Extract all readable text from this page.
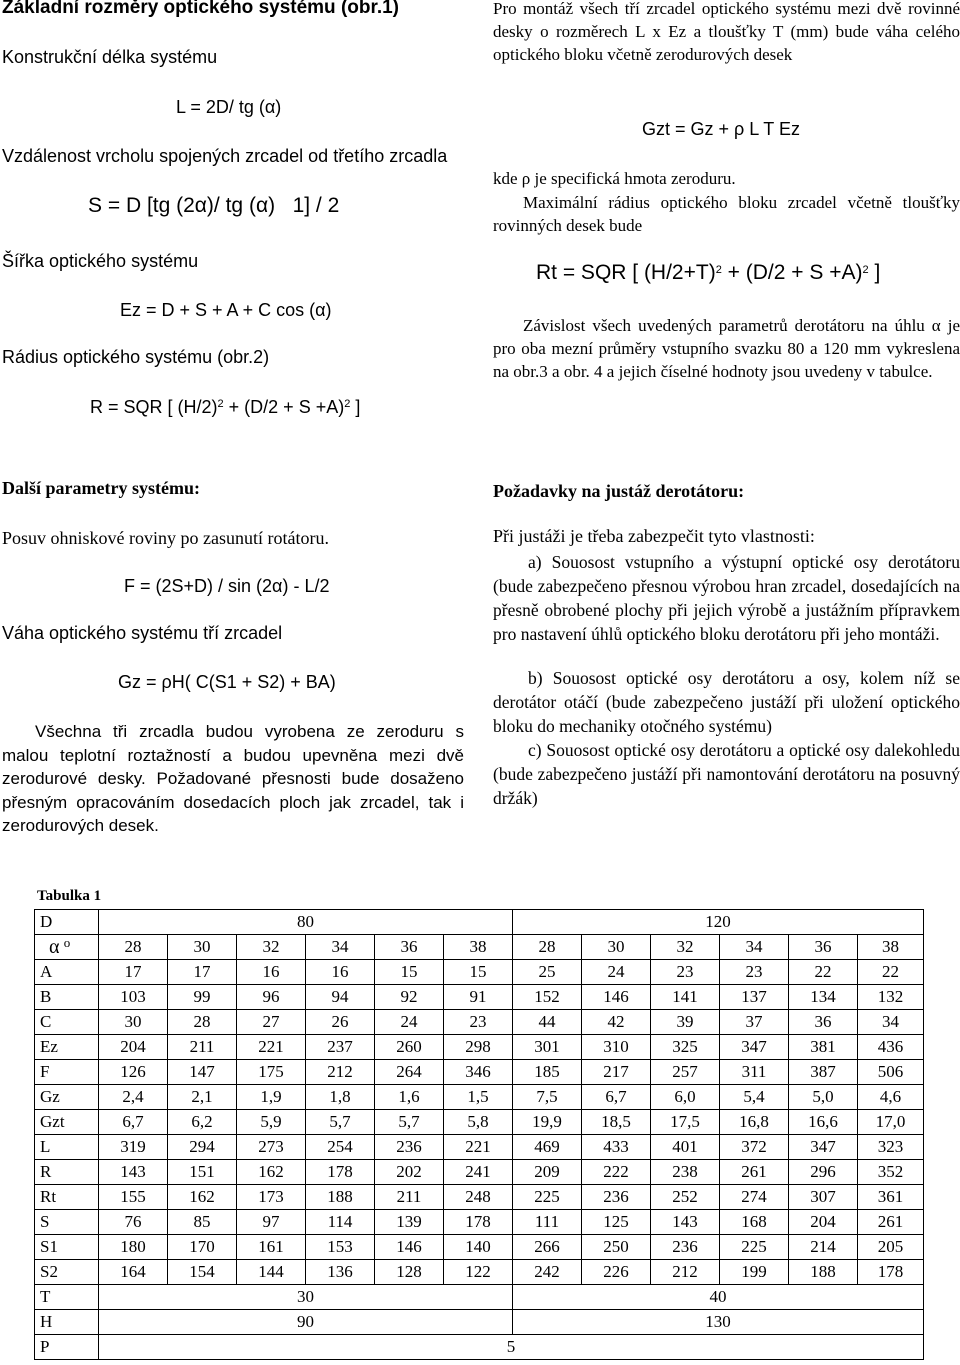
Základní rozměry optického systému (obr.1)
Konstrukční délka systému
L = 2D/ tg (α)
Vzdálenost vrcholu spojených zrcadel od třetího zrcadla
S = D [tg (2α)/ tg (α)   1] / 2
Šířka optického systému
Ez = D + S + A + C cos (α)
Rádius optického systému (obr.2)
R = SQR [ $(H/2)^2 + (D/2 + S +A)^2$ ]
Pro montáž všech tří zrcadel optického systému mezi dvě rovinné desky o rozměrech L x Ez a tloušťky T (mm) bude váha celého optického bloku včetně zerodurových desek
Gzt = Gz + ρ L T Ez
kde ρ je specifická hmota zeroduru.
Maximální rádius optického bloku zrcadel včetně tloušťky rovinných desek bude
Rt = SQR [ $(H/2+T)^2 + (D/2 + S +A)^2$ ]
Závislost všech uvedených parametrů derotátoru na úhlu α je pro oba mezní průměry vstupního svazku 80 a 120 mm vykreslena na obr.3 a obr. 4 a jejich číselné hodnoty jsou uvedeny v tabulce.
Další parametry systému:
Posuv ohniskové roviny po zasunutí rotátoru.
F = (2S+D) / sin (2α) - L/2
Váha optického systému tří zrcadel
Gz = ρH( C(S1 + S2) + BA)
Všechna tři zrcadla budou vyrobena ze zeroduru s malou teplotní roztažností a budou upevněna mezi dvě zerodurové desky. Požadované přesnosti bude dosaženo přesným opracováním dosedacích ploch jak zrcadel, tak i zerodurových desek.
Požadavky na justáž derotátoru:
Při justáži je třeba zabezpečit tyto vlastnosti:
a) Souosost vstupního a výstupní optické osy derotátoru (bude zabezpečeno přesnou výrobou hran zrcadel, dosedajících na přesně obrobené plochy při jejich výrobě a justážním přípravkem pro nastavení úhlů optického bloku derotátoru při jeho montáži.
b) Souosost optické osy derotátoru a osy, kolem níž se derotátor otáčí (bude zabezpečeno justáží při uložení optického bloku do mechaniky otočného systému)
c) Souosost optické osy derotátoru a optické osy dalekohledu (bude zabezpečeno justáží při namontování derotátoru na posuvný držák)
Tabulka 1
D	80						120					
α $^o$	28	30	32	34	36	38	28	30	32	34	36	38
A	17	17	16	16	15	15	25	24	23	23	22	22
B	103	99	96	94	92	91	152	146	141	137	134	132
C	30	28	27	26	24	23	44	42	39	37	36	34
Ez	204	211	221	237	260	298	301	310	325	347	381	436
F	126	147	175	212	264	346	185	217	257	311	387	506
Gz	2,4	2,1	1,9	1,8	1,6	1,5	7,5	6,7	6,0	5,4	5,0	4,6
Gzt	6,7	6,2	5,9	5,7	5,7	5,8	19,9	18,5	17,5	16,8	16,6	17,0
L	319	294	273	254	236	221	469	433	401	372	347	323
R	143	151	162	178	202	241	209	222	238	261	296	352
Rt	155	162	173	188	211	248	225	236	252	274	307	361
S	76	85	97	114	139	178	111	125	143	168	204	261
S1	180	170	161	153	146	140	266	250	236	225	214	205
S2	164	154	144	136	128	122	242	226	212	199	188	178
T	30						40					
H	90						130					
P	5											
